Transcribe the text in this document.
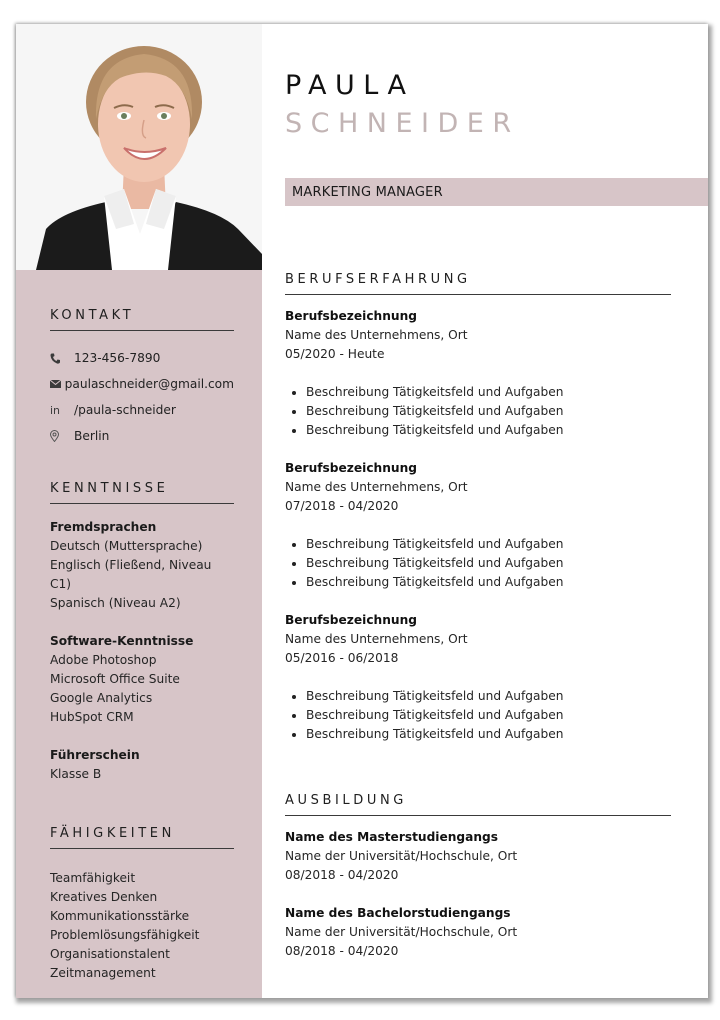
KONTAKT
123-456-7890
paulaschneider@gmail.com
in	/paula-schneider
Berlin
KENNTNISSE
Fremdsprachen
Deutsch (Muttersprache)
Englisch (Fließend, Niveau C1)
Spanisch (Niveau A2)
Software-Kenntnisse
Adobe Photoshop
Microsoft Office Suite
Google Analytics
HubSpot CRM
Führerschein
Klasse B
FÄHIGKEITEN
Teamfähigkeit
Kreatives Denken
Kommunikationsstärke
Problemlösungsfähigkeit
Organisationstalent
Zeitmanagement
PAULA
SCHNEIDER
MARKETING MANAGER
BERUFSERFAHRUNG
Berufsbezeichnung
Name des Unternehmens, Ort
05/2020 - Heute
Beschreibung Tätigkeitsfeld und Aufgaben
Beschreibung Tätigkeitsfeld und Aufgaben
Beschreibung Tätigkeitsfeld und Aufgaben
Berufsbezeichnung
Name des Unternehmens, Ort
07/2018 - 04/2020
Beschreibung Tätigkeitsfeld und Aufgaben
Beschreibung Tätigkeitsfeld und Aufgaben
Beschreibung Tätigkeitsfeld und Aufgaben
Berufsbezeichnung
Name des Unternehmens, Ort
05/2016 - 06/2018
Beschreibung Tätigkeitsfeld und Aufgaben
Beschreibung Tätigkeitsfeld und Aufgaben
Beschreibung Tätigkeitsfeld und Aufgaben
AUSBILDUNG
Name des Masterstudiengangs
Name der Universität/Hochschule, Ort
08/2018 - 04/2020
Name des Bachelorstudiengangs
Name der Universität/Hochschule, Ort
08/2018 - 04/2020
